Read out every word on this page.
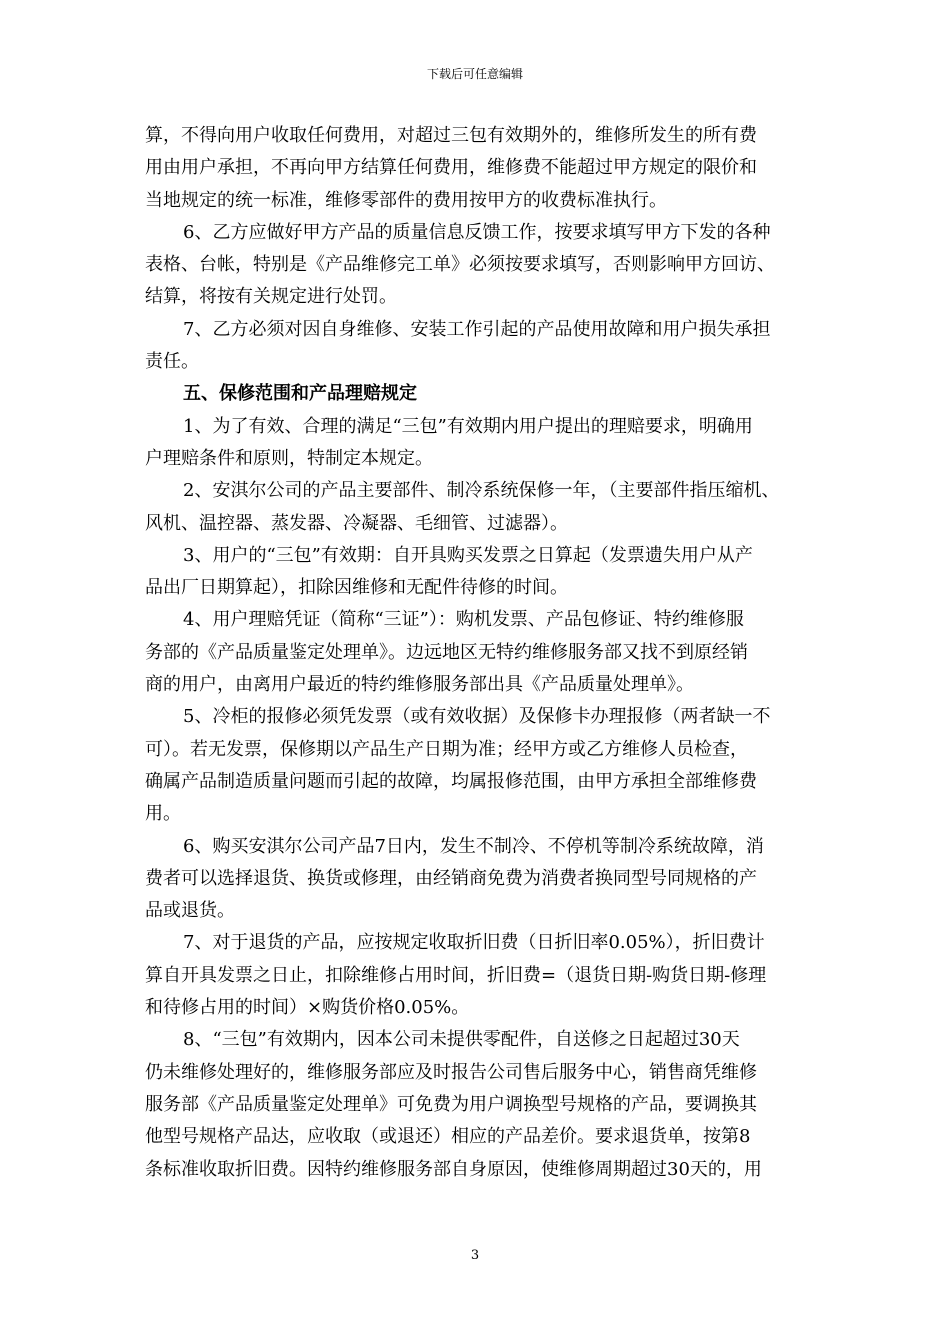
下载后可任意编辑
算，不得向用户收取任何费用，对超过三包有效期外的，维修所发生的所有费
用由用户承担，不再向甲方结算任何费用，维修费不能超过甲方规定的限价和
当地规定的统一标准，维修零部件的费用按甲方的收费标准执行。
6、乙方应做好甲方产品的质量信息反馈工作，按要求填写甲方下发的各种
表格、台帐，特别是《产品维修完工单》必须按要求填写，否则影响甲方回访、
结算，将按有关规定进行处罚。
7、乙方必须对因自身维修、安装工作引起的产品使用故障和用户损失承担
责任。
五、保修范围和产品理赔规定
1、为了有效、合理的满足“三包”有效期内用户提出的理赔要求，明确用
户理赔条件和原则，特制定本规定。
2、安淇尔公司的产品主要部件、制冷系统保修一年，（主要部件指压缩机、
风机、温控器、蒸发器、冷凝器、毛细管、过滤器）。
3、用户的“三包”有效期：自开具购买发票之日算起（发票遗失用户从产
品出厂日期算起），扣除因维修和无配件待修的时间。
4、用户理赔凭证（简称“三证”）：购机发票、产品包修证、特约维修服
务部的《产品质量鉴定处理单》。边远地区无特约维修服务部又找不到原经销
商的用户，由离用户最近的特约维修服务部出具《产品质量处理单》。
5、冷柜的报修必须凭发票（或有效收据）及保修卡办理报修（两者缺一不
可）。若无发票，保修期以产品生产日期为准；经甲方或乙方维修人员检查，
确属产品制造质量问题而引起的故障，均属报修范围，由甲方承担全部维修费
用。
6、购买安淇尔公司产品7日内，发生不制冷、不停机等制冷系统故障，消
费者可以选择退货、换货或修理，由经销商免费为消费者换同型号同规格的产
品或退货。
7、对于退货的产品，应按规定收取折旧费（日折旧率0.05%），折旧费计
算自开具发票之日止，扣除维修占用时间，折旧费=（退货日期-购货日期-修理
和待修占用的时间）×购货价格0.05%。
8、“三包”有效期内，因本公司未提供零配件，自送修之日起超过30天
仍未维修处理好的，维修服务部应及时报告公司售后服务中心，销售商凭维修
服务部《产品质量鉴定处理单》可免费为用户调换型号规格的产品，要调换其
他型号规格产品达，应收取（或退还）相应的产品差价。要求退货单，按第8
条标准收取折旧费。因特约维修服务部自身原因，使维修周期超过30天的，用
3
